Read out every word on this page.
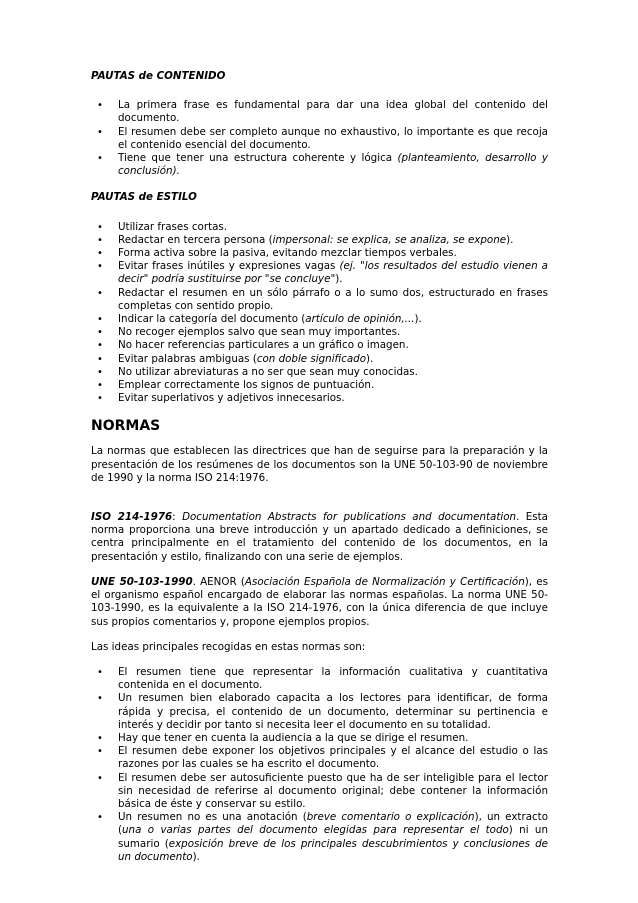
PAUTAS de CONTENIDO
• La primera frase es fundamental para dar una idea global del contenido del documento.
• El resumen debe ser completo aunque no exhaustivo, lo importante es que recoja el contenido esencial del documento.
• Tiene que tener una estructura coherente y lógica (planteamiento, desarrollo y conclusión).
PAUTAS de ESTILO
• Utilizar frases cortas.
• Redactar en tercera persona (impersonal: se explica, se analiza, se expone).
• Forma activa sobre la pasiva, evitando mezclar tiempos verbales.
• Evitar frases inútiles y expresiones vagas (ej. "los resultados del estudio vienen a decir" podría sustituirse por "se concluye").
• Redactar el resumen en un sólo párrafo o a lo sumo dos, estructurado en frases completas con sentido propio.
• Indicar la categoría del documento (artículo de opinión,...).
• No recoger ejemplos salvo que sean muy importantes.
• No hacer referencias particulares a un gráfico o imagen.
• Evitar palabras ambiguas (con doble significado).
• No utilizar abreviaturas a no ser que sean muy conocidas.
• Emplear correctamente los signos de puntuación.
• Evitar superlativos y adjetivos innecesarios.
NORMAS

La normas que establecen las directrices que han de seguirse para la preparación y la presentación de los resúmenes de los documentos son la UNE 50-103-90 de noviembre de 1990 y la norma ISO 214:1976.

ISO 214-1976: Documentation Abstracts for publications and documentation. Esta norma proporciona una breve introducción y un apartado dedicado a definiciones, se centra principalmente en el tratamiento del contenido de los documentos, en la presentación y estilo, finalizando con una serie de ejemplos.

UNE 50-103-1990. AENOR (Asociación Española de Normalización y Certificación), es el organismo español encargado de elaborar las normas españolas. La norma UNE 50-103-1990, es la equivalente a la ISO 214-1976, con la única diferencia de que incluye sus propios comentarios y, propone ejemplos propios.

Las ideas principales recogidas en estas normas son:

• El resumen tiene que representar la información cualitativa y cuantitativa contenida en el documento.
• Un resumen bien elaborado capacita a los lectores para identificar, de forma rápida y precisa, el contenido de un documento, determinar su pertinencia e interés y decidir por tanto si necesita leer el documento en su totalidad.
• Hay que tener en cuenta la audiencia a la que se dirige el resumen.
• El resumen debe exponer los objetivos principales y el alcance del estudio o las razones por las cuales se ha escrito el documento.
• El resumen debe ser autosuficiente puesto que ha de ser inteligible para el lector sin necesidad de referirse al documento original; debe contener la información básica de éste y conservar su estilo.
• Un resumen no es una anotación (breve comentario o explicación), un extracto (una o varias partes del documento elegidas para representar el todo) ni un sumario (exposición breve de los principales descubrimientos y conclusiones de un documento).
